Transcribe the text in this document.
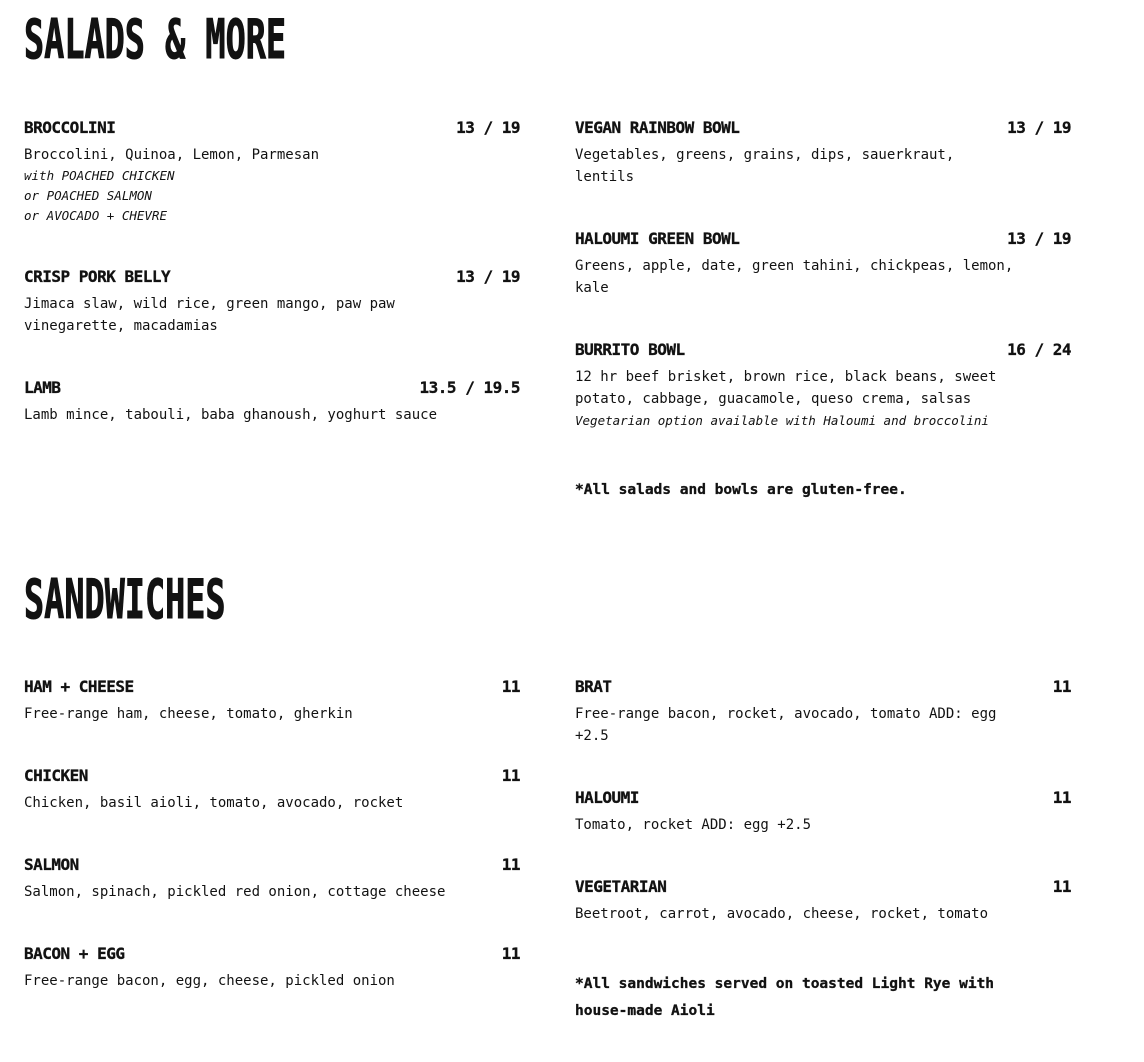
SALADS & MORE
BROCCOLINI	13 / 19

Broccolini, Quinoa, Lemon, Parmesan

with POACHED CHICKEN

or POACHED SALMON

or AVOCADO + CHEVRE

CRISP PORK BELLY	13 / 19

Jimaca slaw, wild rice, green mango, paw paw vinegarette, macadamias

LAMB	13.5 / 19.5

Lamb mince, tabouli, baba ghanoush, yoghurt sauce

VEGAN RAINBOW BOWL	13 / 19

Vegetables, greens, grains, dips, sauerkraut, lentils

HALOUMI GREEN BOWL	13 / 19

Greens, apple, date, green tahini, chickpeas, lemon, kale

BURRITO BOWL	16 / 24

12 hr beef brisket, brown rice, black beans, sweet potato, cabbage, guacamole, queso crema, salsas

Vegetarian option available with Haloumi and broccolini

*All salads and bowls are gluten-free.

SANDWICHES
HAM + CHEESE	11

Free-range ham, cheese, tomato, gherkin

CHICKEN	11

Chicken, basil aioli, tomato, avocado, rocket

SALMON	11

Salmon, spinach, pickled red onion, cottage cheese

BACON + EGG	11

Free-range bacon, egg, cheese, pickled onion

BRAT	11

Free-range bacon, rocket, avocado, tomato ADD: egg +2.5

HALOUMI	11

Tomato, rocket ADD: egg +2.5

VEGETARIAN	11

Beetroot, carrot, avocado, cheese, rocket, tomato

*All sandwiches served on toasted Light Rye with house-made Aioli
